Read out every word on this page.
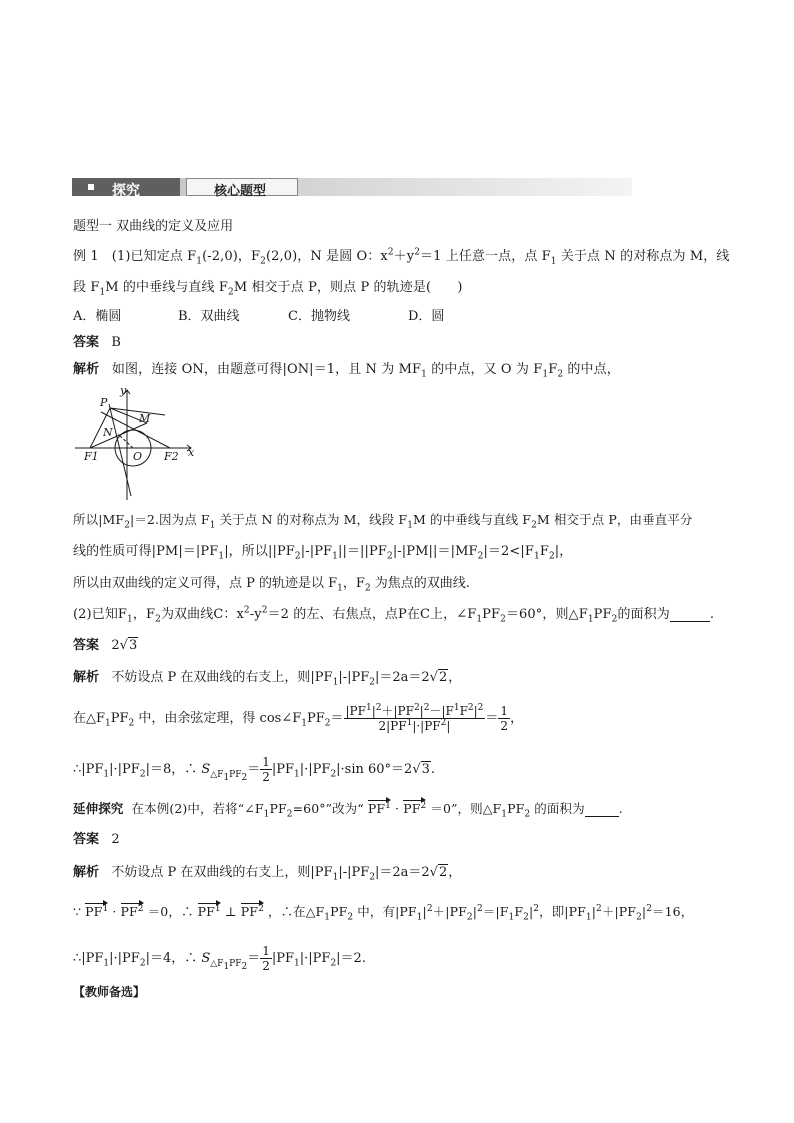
探究	核心题型
题型一 双曲线的定义及应用
例 1　(1)已知定点 $F_1(-2,0)$，$F_2(2,0)$，N 是圆 O：$x^2+y^2=1$ 上任意一点，点 $F_1$ 关于点 N 的对称点为 M，线
段 $F_1M$ 的中垂线与直线 $F_2M$ 相交于点 P，则点 P 的轨迹是(　　)
A．椭圆	B．双曲线	C．抛物线	D．圆
答案 B
解析   如图，连接 ON，由题意可得|ON|＝1，且 N 为 $MF_1$ 的中点，又 O 为 $F_1F_2$ 的中点，
P
M
N
O
F1	F2 x
y
所以$|MF_2|=2$.因为点 $F_1$ 关于点 N 的对称点为 M，线段 $F_1M$ 的中垂线与直线 $F_2M$ 相交于点 P，由垂直平分
线的性质可得$|PM|=|PF_1|$，所以$||PF_2|-|PF_1||=||PF_2|-|PM||=|MF_2|=2<|F_1F_2|$，
所以由双曲线的定义可得，点 P 的轨迹是以 $F_1$，$F_2$ 为焦点的双曲线.
(2)已知$F_1$，$F_2$为双曲线C：$x^2-y^2=2$ 的左、右焦点，点P在C上，$\angle F_1PF_2=60^\circ$，则$\triangle F_1PF_2$的面积为	.
答案   2√3
解析   不妨设点 P 在双曲线的右支上，则$|PF_1|-|PF_2|=2a=2√2$，
在$\triangle F_1PF_2$ 中，由余弦定理，得 $\cos\angle F_1PF_2= \frac{|PF^1|^2+|PF^2|^2-|F^1F^2|^2}{2|PF^1|\cdot|PF^2|} = \frac{1}{2}$ ，
$\therefore|PF_1|\cdot|PF_2|=8$，∴ $S_{\triangle F_1PF_2}= \frac{1}{2} |PF_1|\cdot|PF_2|\cdot\sin$ 60°＝2√3.
延伸探究  在本例(2)中，若将“$\angle F_1PF_2=60^\circ$”改为“ $PF^1 \cdot PF^2 =0$”，则$\triangle F_1PF_2$ 的面积为	.
答案 2
解析   不妨设点 P 在双曲线的右支上，则$|PF_1|-|PF_2|=2a=2√2$，
∵ $PF^1 \cdot PF^2 =0$，∴ $PF^1$ ⊥ $PF^2$ ，∴在$\triangle F_1PF_2$ 中，有$|PF_1|^2+|PF_2|^2=|F_1F_2|^2$，即$|PF_1|^2+|PF_2|^2=16$，
$\therefore|PF_1|\cdot|PF_2|=4$，∴ $S_{\triangle F_1PF_2}= \frac{1}{2} |PF_1|\cdot|PF_2|=2$.
【教师备选】
